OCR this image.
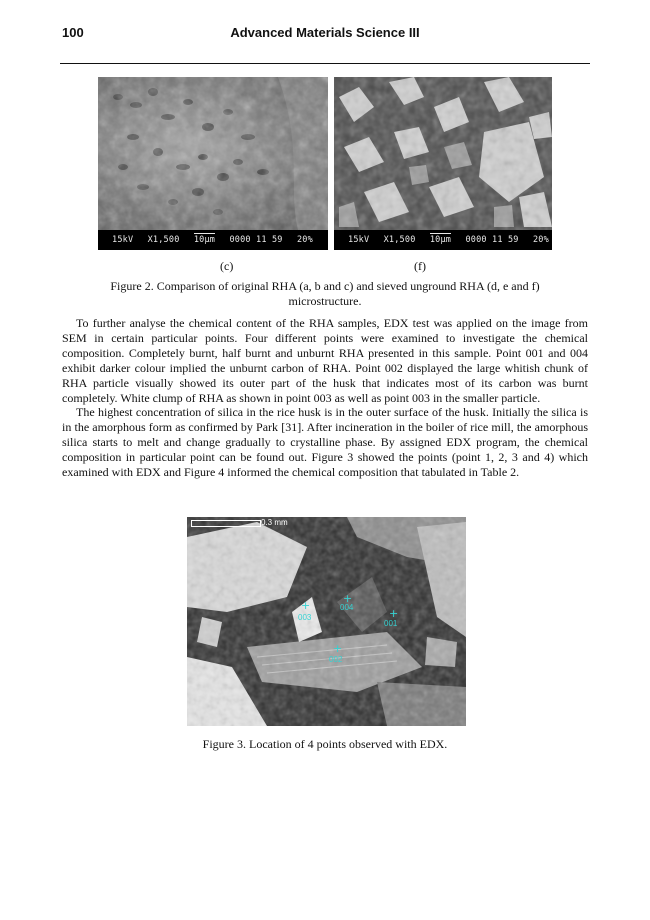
Advanced Materials Science III
100
15kV X1,500 10µm 0000 11 59 20%	15kV X1,500 10µm 0000 11 59 20%
(c)	(f)
Figure 2. Comparison of original RHA (a, b and c) and sieved unground RHA (d, e and f)
microstructure.

To further analyse the chemical content of the RHA samples, EDX test was applied on the image from SEM in certain particular points. Four different points were examined to investigate the chemical composition. Completely burnt, half burnt and unburnt RHA presented in this sample. Point 001 and 004 exhibit darker colour implied the unburnt carbon of RHA. Point 002 displayed the large whitish chunk of RHA particle visually showed its outer part of the husk that indicates most of its carbon was burnt completely. White clump of RHA as shown in point 003 as well as point 003 in the smaller particle.

The highest concentration of silica in the rice husk is in the outer surface of the husk. Initially the silica is in the amorphous form as confirmed by Park [31]. After incineration in the boiler of rice mill, the amorphous silica starts to melt and change gradually to crystalline phase. By assigned EDX program, the chemical composition in particular point can be found out. Figure 3 showed the points (point 1, 2, 3 and 4) which examined with EDX and Figure 4 informed the chemical composition that tabulated in Table 2.

0.3 mm
+
004
+
003	+
001
+
002
Figure 3. Location of 4 points observed with EDX.
